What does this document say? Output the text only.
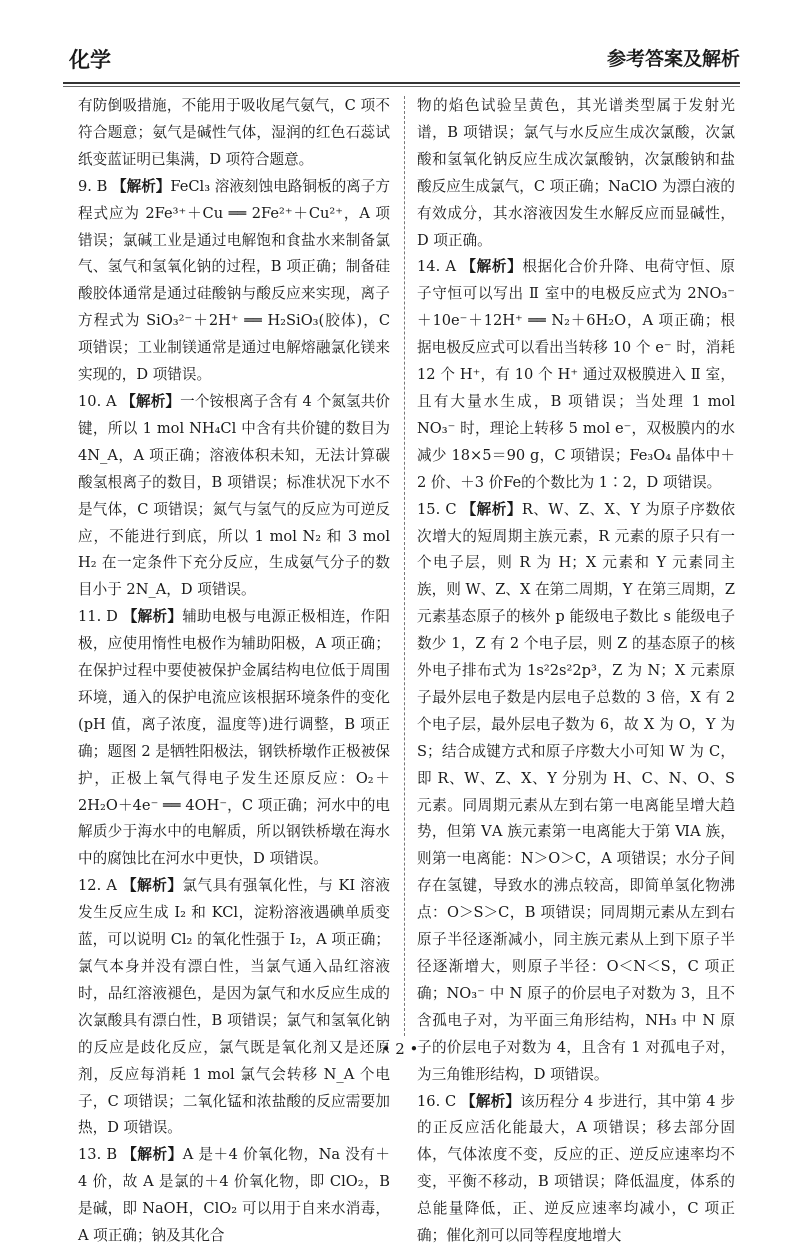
化学	参考答案及解析

有防倒吸措施，不能用于吸收尾气氨气，C 项不符合题意；氨气是碱性气体，湿润的红色石蕊试纸变蓝证明已集满，D 项符合题意。

9. B 【解析】FeCl₃ 溶液刻蚀电路铜板的离子方程式应为 2Fe³⁺＋Cu ══ 2Fe²⁺＋Cu²⁺，A 项错误；氯碱工业是通过电解饱和食盐水来制备氯气、氢气和氢氧化钠的过程，B 项正确；制备硅酸胶体通常是通过硅酸钠与酸反应来实现，离子方程式为 SiO₃²⁻＋2H⁺ ══ H₂SiO₃(胶体)，C 项错误；工业制镁通常是通过电解熔融氯化镁来实现的，D 项错误。

10. A 【解析】一个铵根离子含有 4 个氮氢共价键，所以 1 mol NH₄Cl 中含有共价键的数目为 4N_A，A 项正确；溶液体积未知，无法计算碳酸氢根离子的数目，B 项错误；标准状况下水不是气体，C 项错误；氮气与氢气的反应为可逆反应，不能进行到底，所以 1 mol N₂ 和 3 mol H₂ 在一定条件下充分反应，生成氨气分子的数目小于 2N_A，D 项错误。

11. D 【解析】辅助电极与电源正极相连，作阳极，应使用惰性电极作为辅助阳极，A 项正确；在保护过程中要使被保护金属结构电位低于周围环境，通入的保护电流应该根据环境条件的变化(pH 值，离子浓度，温度等)进行调整，B 项正确；题图 2 是牺牲阳极法，钢铁桥墩作正极被保护，正极上氧气得电子发生还原反应：O₂＋2H₂O＋4e⁻ ══ 4OH⁻，C 项正确；河水中的电解质少于海水中的电解质，所以钢铁桥墩在海水中的腐蚀比在河水中更快，D 项错误。

12. A 【解析】氯气具有强氧化性，与 KI 溶液发生反应生成 I₂ 和 KCl，淀粉溶液遇碘单质变蓝，可以说明 Cl₂ 的氧化性强于 I₂，A 项正确；氯气本身并没有漂白性，当氯气通入品红溶液时，品红溶液褪色，是因为氯气和水反应生成的次氯酸具有漂白性，B 项错误；氯气和氢氧化钠的反应是歧化反应，氯气既是氧化剂又是还原剂，反应每消耗 1 mol 氯气会转移 N_A 个电子，C 项错误；二氧化锰和浓盐酸的反应需要加热，D 项错误。

13. B 【解析】A 是＋4 价氧化物，Na 没有＋4 价，故 A 是氯的＋4 价氧化物，即 ClO₂，B 是碱，即 NaOH，ClO₂ 可以用于自来水消毒，A 项正确；钠及其化合

物的焰色试验呈黄色，其光谱类型属于发射光谱，B 项错误；氯气与水反应生成次氯酸，次氯酸和氢氧化钠反应生成次氯酸钠，次氯酸钠和盐酸反应生成氯气，C 项正确；NaClO 为漂白液的有效成分，其水溶液因发生水解反应而显碱性，D 项正确。

14. A 【解析】根据化合价升降、电荷守恒、原子守恒可以写出 Ⅱ 室中的电极反应式为 2NO₃⁻＋10e⁻＋12H⁺ ══ N₂＋6H₂O，A 项正确；根据电极反应式可以看出当转移 10 个 e⁻ 时，消耗 12 个 H⁺，有 10 个 H⁺ 通过双极膜进入 Ⅱ 室，且有大量水生成，B 项错误；当处理 1 mol NO₃⁻ 时，理论上转移 5 mol e⁻，双极膜内的水减少 18×5＝90 g，C 项错误；Fe₃O₄ 晶体中＋2 价、＋3 价Fe的个数比为 1∶2，D 项错误。

15. C 【解析】R、W、Z、X、Y 为原子序数依次增大的短周期主族元素，R 元素的原子只有一个电子层，则 R 为 H；X 元素和 Y 元素同主族，则 W、Z、X 在第二周期，Y 在第三周期，Z 元素基态原子的核外 p 能级电子数比 s 能级电子数少 1，Z 有 2 个电子层，则 Z 的基态原子的核外电子排布式为 1s²2s²2p³，Z 为 N；X 元素原子最外层电子数是内层电子总数的 3 倍，X 有 2 个电子层，最外层电子数为 6，故 X 为 O，Y 为 S；结合成键方式和原子序数大小可知 W 为 C，即 R、W、Z、X、Y 分别为 H、C、N、O、S 元素。同周期元素从左到右第一电离能呈增大趋势，但第 ⅤA 族元素第一电离能大于第 ⅥA 族，则第一电离能：N＞O＞C，A 项错误；水分子间存在氢键，导致水的沸点较高，即简单氢化物沸点：O＞S＞C，B 项错误；同周期元素从左到右原子半径逐渐减小，同主族元素从上到下原子半径逐渐增大，则原子半径：O＜N＜S，C 项正确；NO₃⁻ 中 N 原子的价层电子对数为 3，且不含孤电子对，为平面三角形结构，NH₃ 中 N 原子的价层电子对数为 4，且含有 1 对孤电子对，为三角锥形结构，D 项错误。

16. C 【解析】该历程分 4 步进行，其中第 4 步的正反应活化能最大，A 项错误；移去部分固体，气体浓度不变，反应的正、逆反应速率均不变，平衡不移动，B 项错误；降低温度，体系的总能量降低，正、逆反应速率均减小，C 项正确；催化剂可以同等程度地增大

• 2 •
